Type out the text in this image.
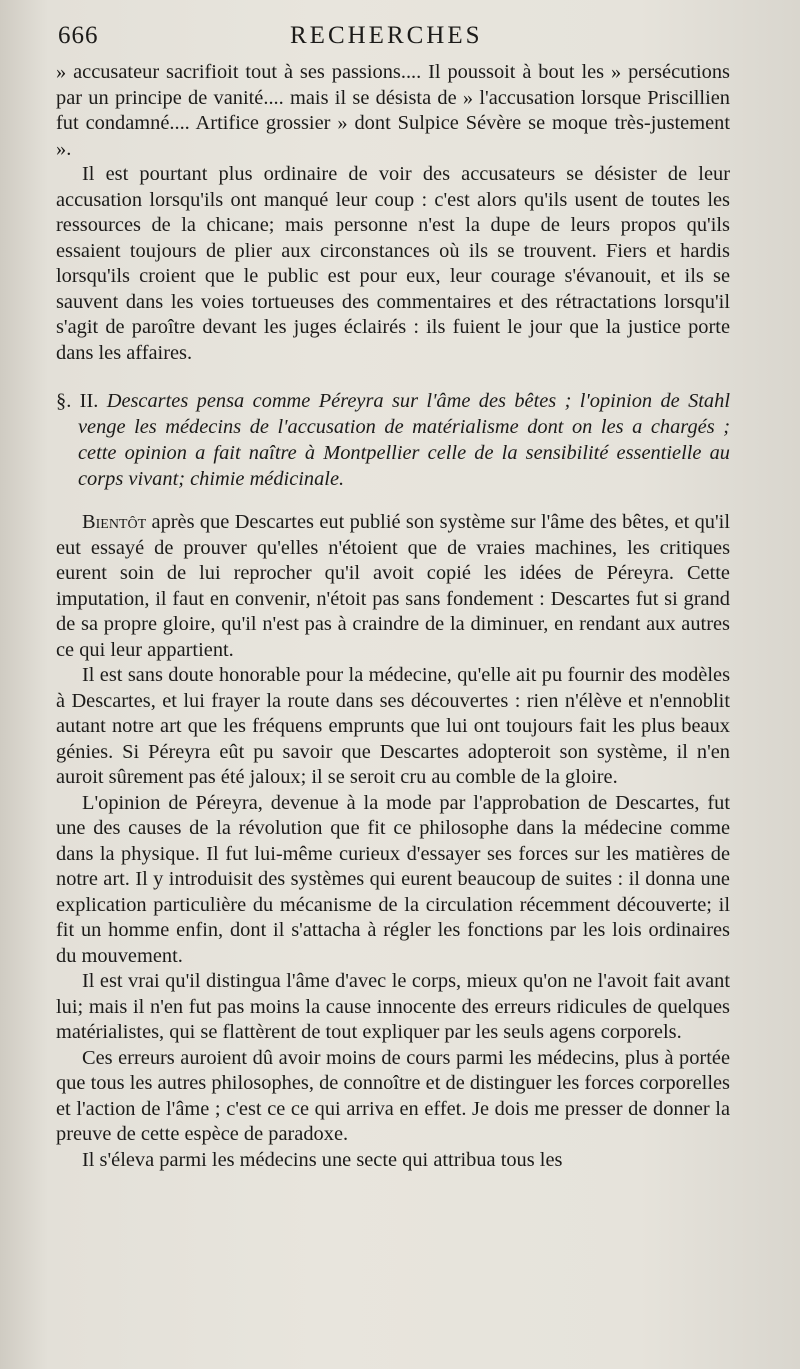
666	RECHERCHES

» accusateur sacrifioit tout à ses passions.... Il poussoit à bout les » persécutions par un principe de vanité.... mais il se désista de » l'accusation lorsque Priscillien fut condamné.... Artifice grossier » dont Sulpice Sévère se moque très-justement ».

Il est pourtant plus ordinaire de voir des accusateurs se désister de leur accusation lorsqu'ils ont manqué leur coup : c'est alors qu'ils usent de toutes les ressources de la chicane; mais personne n'est la dupe de leurs propos qu'ils essaient toujours de plier aux circonstances où ils se trouvent. Fiers et hardis lorsqu'ils croient que le public est pour eux, leur courage s'évanouit, et ils se sauvent dans les voies tortueuses des commentaires et des rétractations lorsqu'il s'agit de paroître devant les juges éclairés : ils fuient le jour que la justice porte dans les affaires.

§. II. Descartes pensa comme Péreyra sur l'âme des bêtes ; l'opinion de Stahl venge les médecins de l'accusation de matérialisme dont on les a chargés ; cette opinion a fait naître à Montpellier celle de la sensibilité essentielle au corps vivant; chimie médicinale.

Bientôt après que Descartes eut publié son système sur l'âme des bêtes, et qu'il eut essayé de prouver qu'elles n'étoient que de vraies machines, les critiques eurent soin de lui reprocher qu'il avoit copié les idées de Péreyra. Cette imputation, il faut en convenir, n'étoit pas sans fondement : Descartes fut si grand de sa propre gloire, qu'il n'est pas à craindre de la diminuer, en rendant aux autres ce qui leur appartient.

Il est sans doute honorable pour la médecine, qu'elle ait pu fournir des modèles à Descartes, et lui frayer la route dans ses découvertes : rien n'élève et n'ennoblit autant notre art que les fréquens emprunts que lui ont toujours fait les plus beaux génies. Si Péreyra eût pu savoir que Descartes adopteroit son système, il n'en auroit sûrement pas été jaloux; il se seroit cru au comble de la gloire.

L'opinion de Péreyra, devenue à la mode par l'approbation de Descartes, fut une des causes de la révolution que fit ce philosophe dans la médecine comme dans la physique. Il fut lui-même curieux d'essayer ses forces sur les matières de notre art. Il y introduisit des systèmes qui eurent beaucoup de suites : il donna une explication particulière du mécanisme de la circulation récemment découverte; il fit un homme enfin, dont il s'attacha à régler les fonctions par les lois ordinaires du mouvement.

Il est vrai qu'il distingua l'âme d'avec le corps, mieux qu'on ne l'avoit fait avant lui; mais il n'en fut pas moins la cause innocente des erreurs ridicules de quelques matérialistes, qui se flattèrent de tout expliquer par les seuls agens corporels.

Ces erreurs auroient dû avoir moins de cours parmi les médecins, plus à portée que tous les autres philosophes, de connoître et de distinguer les forces corporelles et l'action de l'âme ; c'est ce ce qui arriva en effet. Je dois me presser de donner la preuve de cette espèce de paradoxe.

Il s'éleva parmi les médecins une secte qui attribua tous les
